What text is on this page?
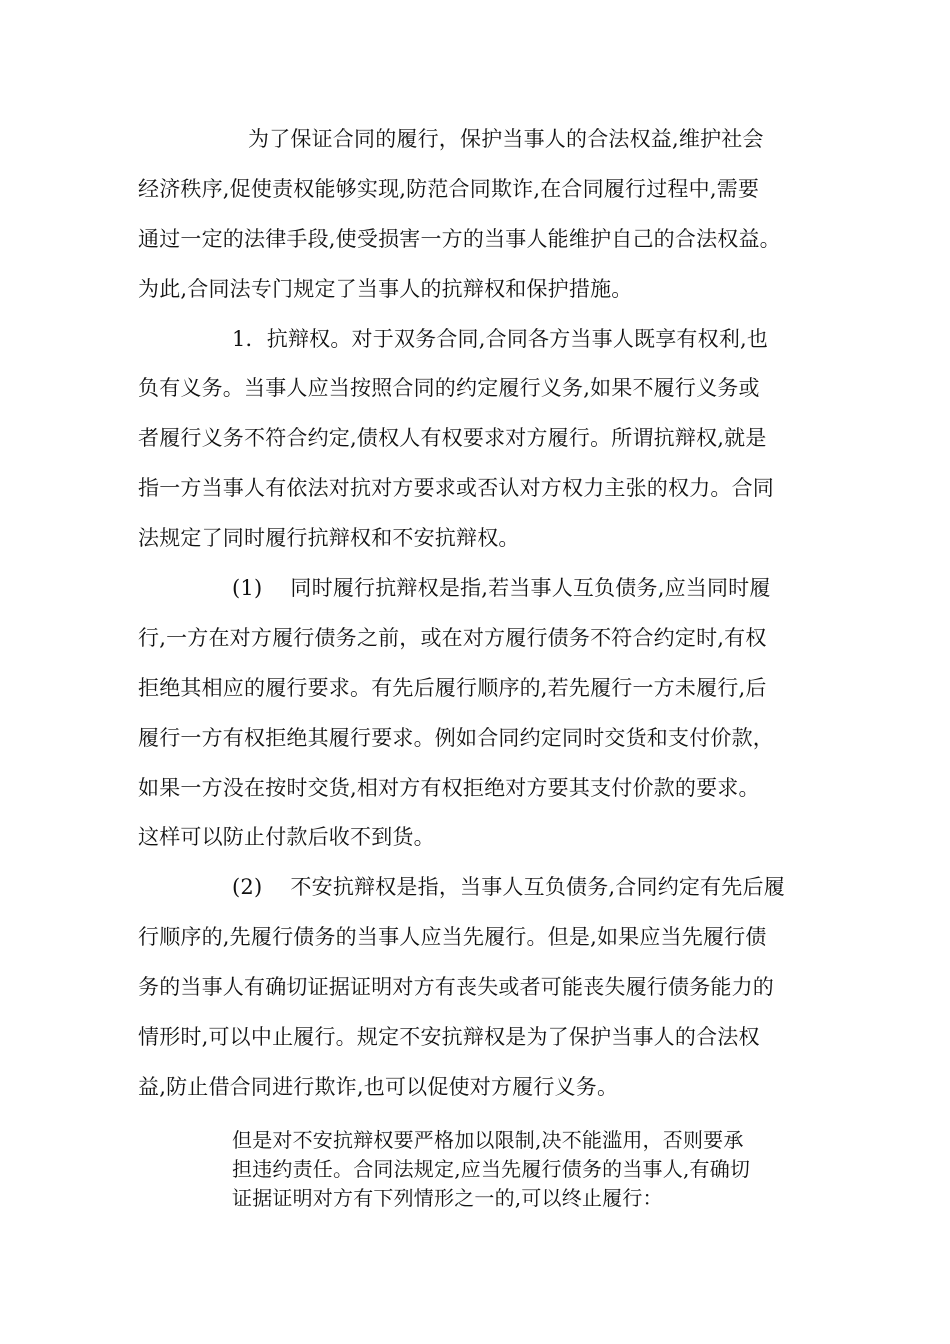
为了保证合同的履行，保护当事人的合法权益,维护社会
经济秩序,促使责权能够实现,防范合同欺诈,在合同履行过程中,需要
通过一定的法律手段,使受损害一方的当事人能维护自己的合法权益。
为此,合同法专门规定了当事人的抗辩权和保护措施。
1．抗辩权。对于双务合同,合同各方当事人既享有权利,也
负有义务。当事人应当按照合同的约定履行义务,如果不履行义务或
者履行义务不符合约定,债权人有权要求对方履行。所谓抗辩权,就是
指一方当事人有依法对抗对方要求或否认对方权力主张的权力。合同
法规定了同时履行抗辩权和不安抗辩权。
(1)　 同时履行抗辩权是指,若当事人互负债务,应当同时履
行,一方在对方履行债务之前，或在对方履行债务不符合约定时,有权
拒绝其相应的履行要求。有先后履行顺序的,若先履行一方未履行,后
履行一方有权拒绝其履行要求。例如合同约定同时交货和支付价款，
如果一方没在按时交货,相对方有权拒绝对方要其支付价款的要求。
这样可以防止付款后收不到货。
(2)　 不安抗辩权是指，当事人互负债务,合同约定有先后履
行顺序的,先履行债务的当事人应当先履行。但是,如果应当先履行债
务的当事人有确切证据证明对方有丧失或者可能丧失履行债务能力的
情形时,可以中止履行。规定不安抗辩权是为了保护当事人的合法权
益,防止借合同进行欺诈,也可以促使对方履行义务。
但是对不安抗辩权要严格加以限制,决不能滥用，否则要承
担违约责任。合同法规定,应当先履行债务的当事人,有确切
证据证明对方有下列情形之一的,可以终止履行：
